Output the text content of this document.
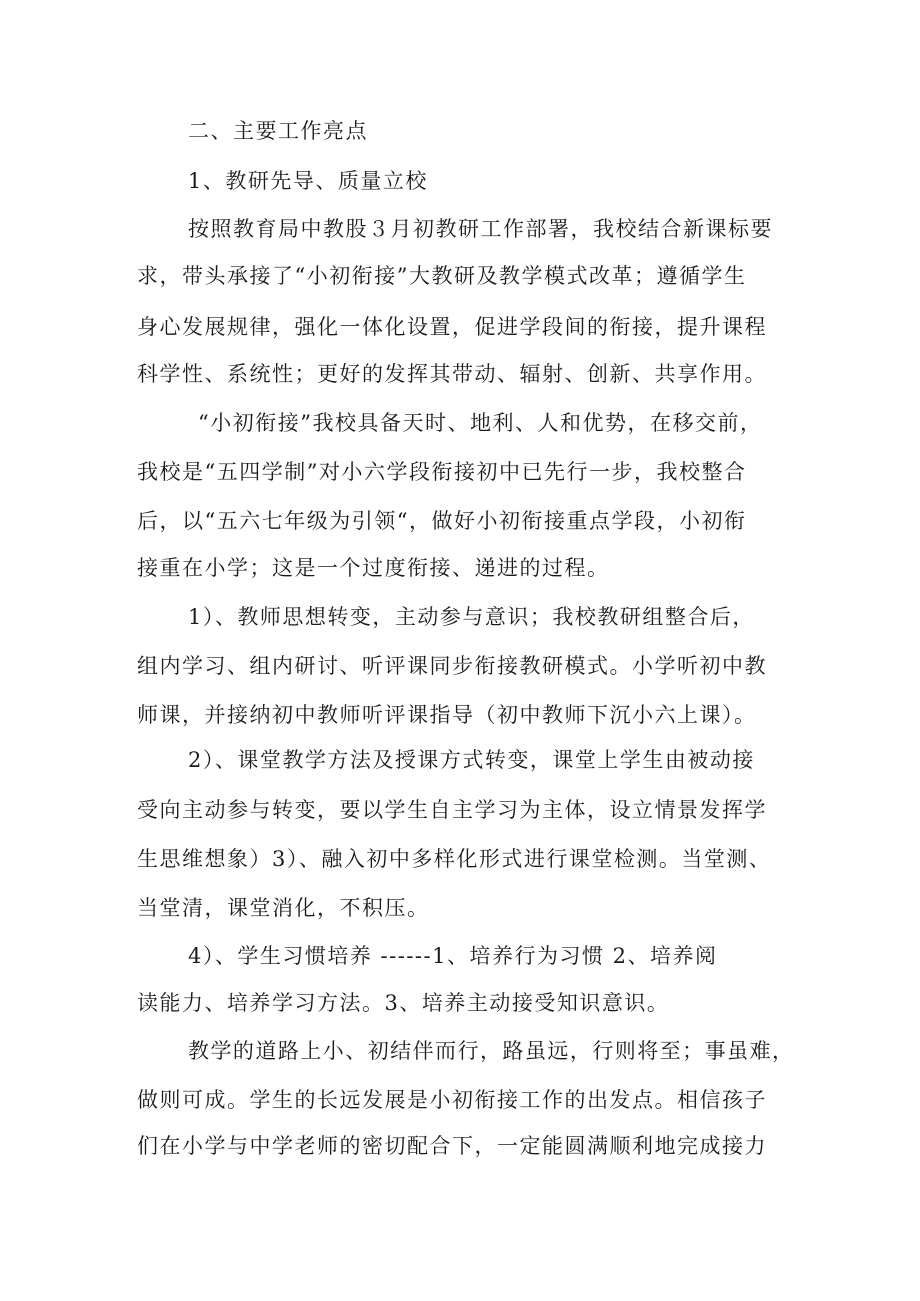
二、主要工作亮点
1、教研先导、质量立校
按照教育局中教股３月初教研工作部署，我校结合新课标要
求，带头承接了“小初衔接”大教研及教学模式改革；遵循学生
身心发展规律，强化一体化设置，促进学段间的衔接，提升课程
科学性、系统性；更好的发挥其带动、辐射、创新、共享作用。
“小初衔接”我校具备天时、地利、人和优势，在移交前，
我校是“五四学制”对小六学段衔接初中已先行一步，我校整合
后，以“五六七年级为引领“，做好小初衔接重点学段，小初衔
接重在小学；这是一个过度衔接、递进的过程。
1）、教师思想转变，主动参与意识；我校教研组整合后，
组内学习、组内研讨、听评课同步衔接教研模式。小学听初中教
师课，并接纳初中教师听评课指导（初中教师下沉小六上课）。
2）、课堂教学方法及授课方式转变，课堂上学生由被动接
受向主动参与转变，要以学生自主学习为主体，设立情景发挥学
生思维想象）3）、融入初中多样化形式进行课堂检测。当堂测、
当堂清，课堂消化，不积压。
4）、学生习惯培养 ------1、培养行为习惯 2、培养阅
读能力、培养学习方法。3、培养主动接受知识意识。
教学的道路上小、初结伴而行，路虽远，行则将至；事虽难，
做则可成。学生的长远发展是小初衔接工作的出发点。相信孩子
们在小学与中学老师的密切配合下，一定能圆满顺利地完成接力
